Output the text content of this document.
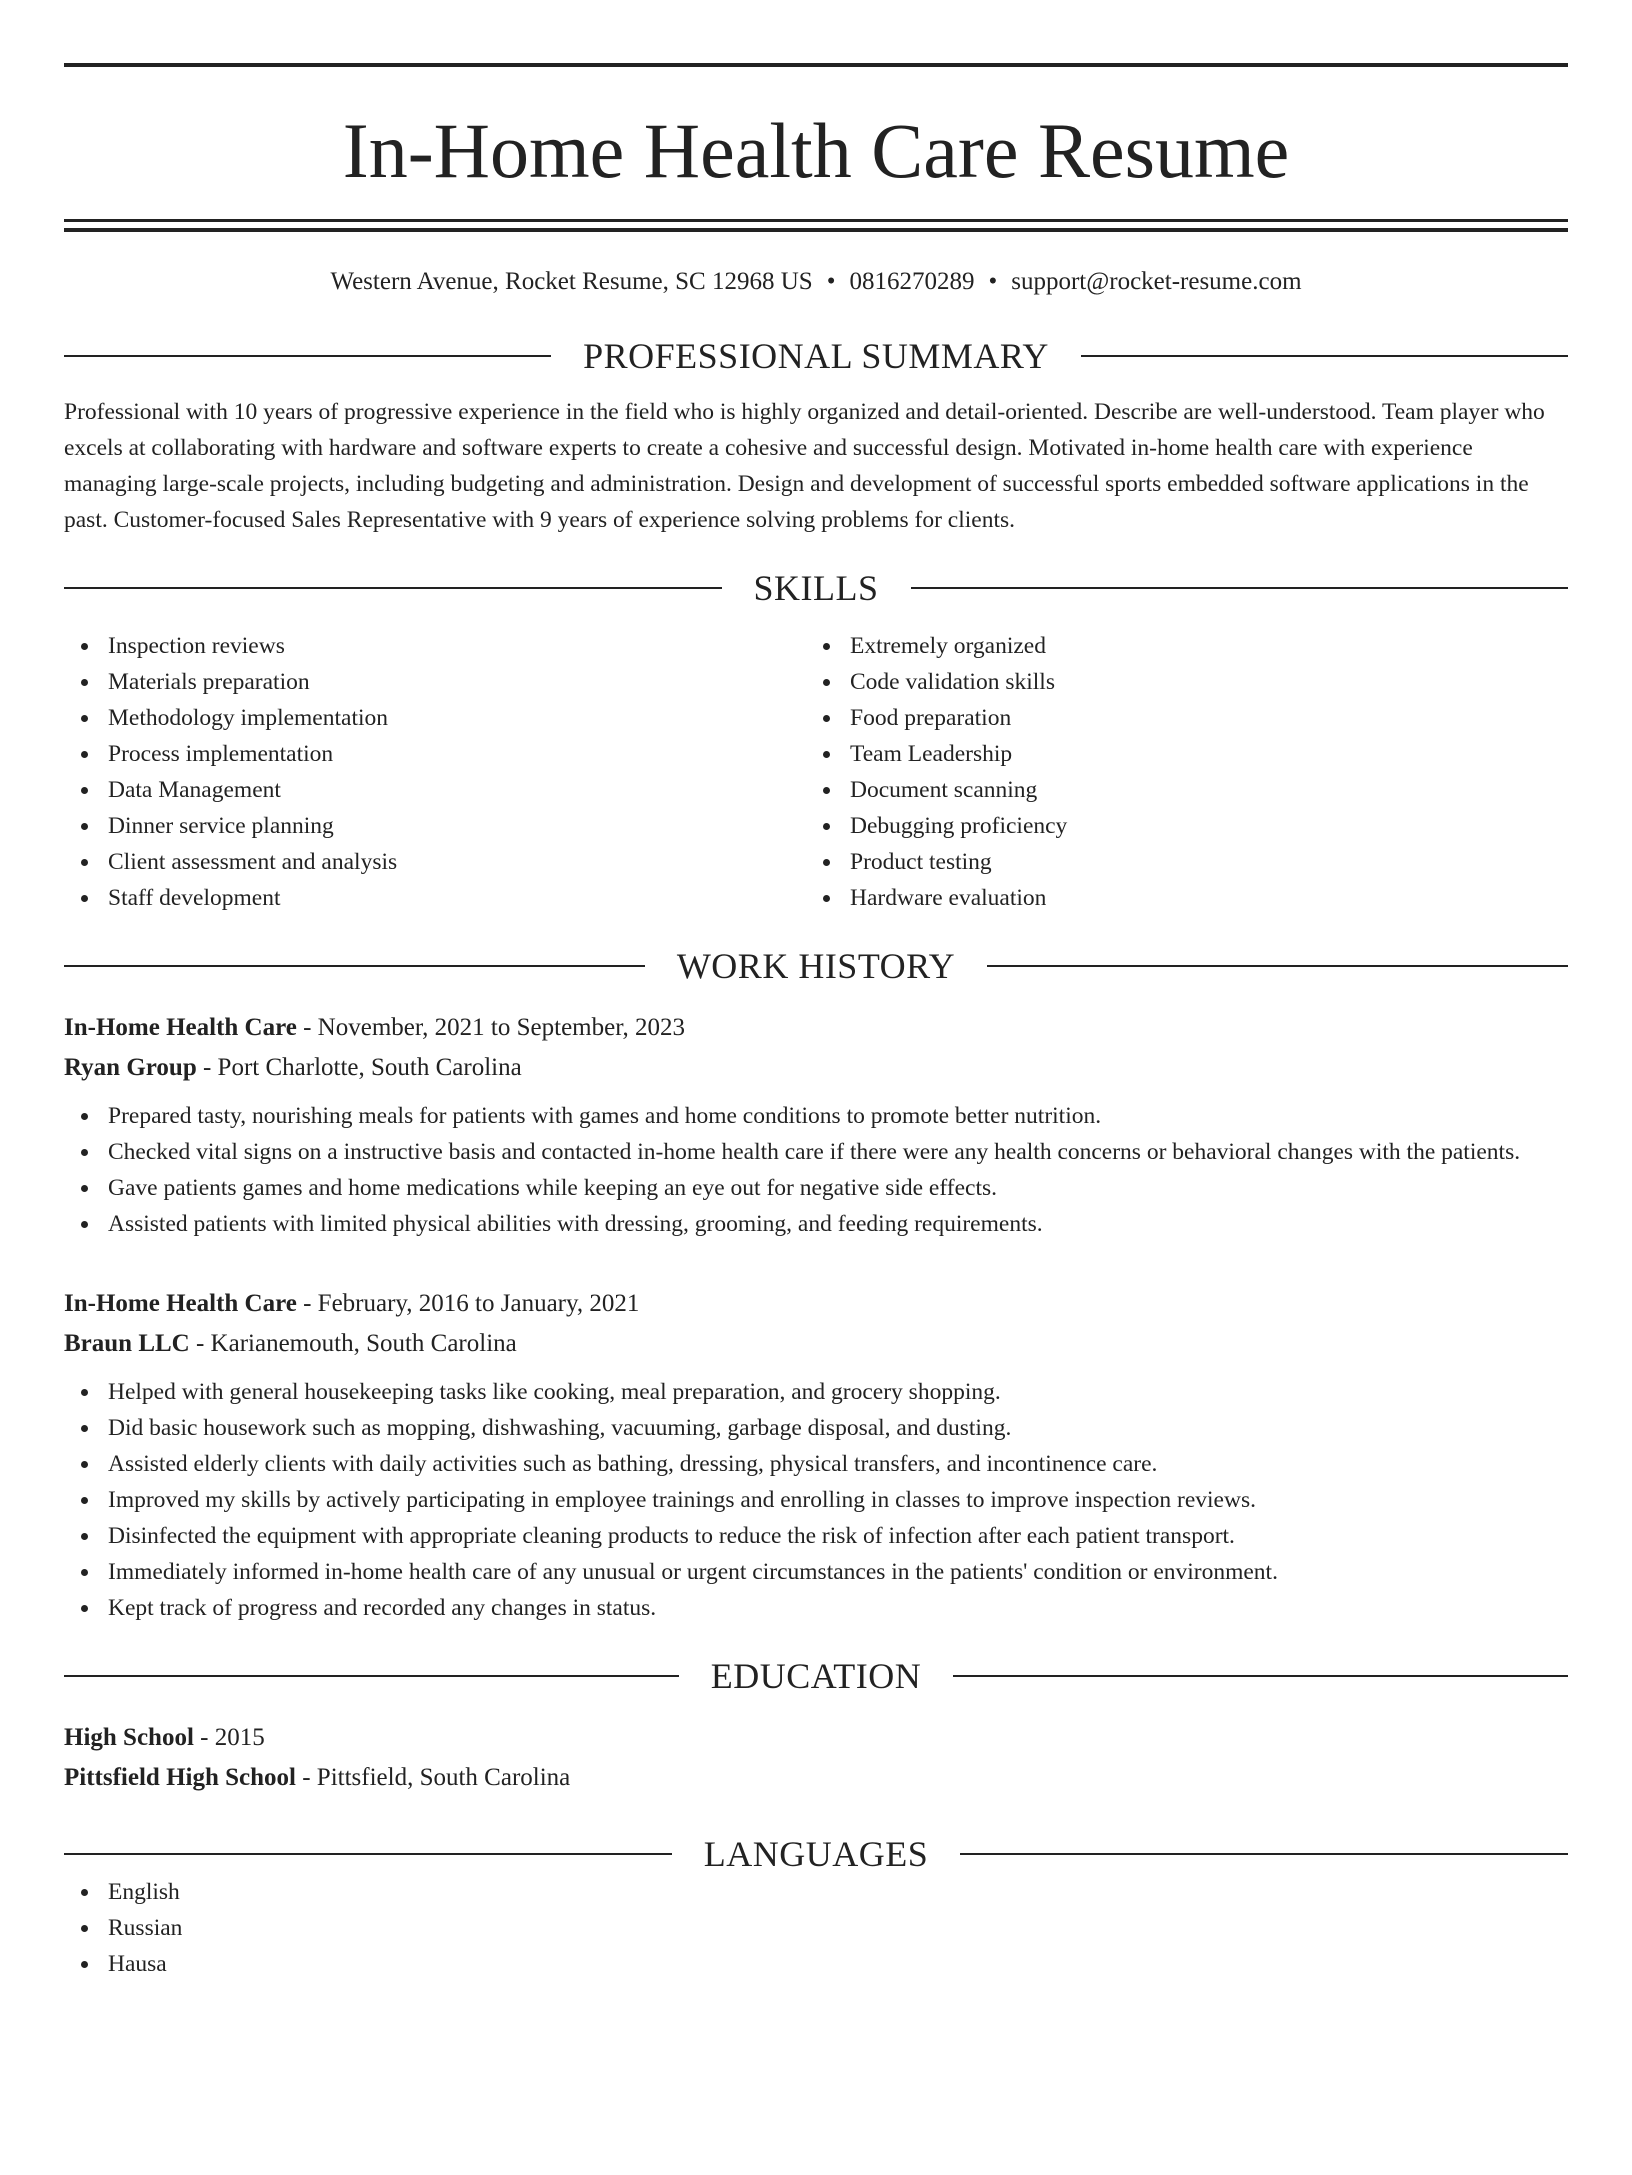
In-Home Health Care Resume
Western Avenue, Rocket Resume, SC 12968 US • 0816270289 • support@rocket-resume.com
PROFESSIONAL SUMMARY

Professional with 10 years of progressive experience in the field who is highly organized and detail-oriented. Describe are well-understood. Team player who excels at collaborating with hardware and software experts to create a cohesive and successful design. Motivated in-home health care with experience managing large-scale projects, including budgeting and administration. Design and development of successful sports embedded software applications in the past. Customer-focused Sales Representative with 9 years of experience solving problems for clients.

SKILLS
Inspection reviews
Materials preparation
Methodology implementation
Process implementation
Data Management
Dinner service planning
Client assessment and analysis
Staff development
Extremely organized
Code validation skills
Food preparation
Team Leadership
Document scanning
Debugging proficiency
Product testing
Hardware evaluation
WORK HISTORY
In-Home Health Care - November, 2021 to September, 2023
Ryan Group - Port Charlotte, South Carolina
Prepared tasty, nourishing meals for patients with games and home conditions to promote better nutrition.
Checked vital signs on a instructive basis and contacted in-home health care if there were any health concerns or behavioral changes with the patients.
Gave patients games and home medications while keeping an eye out for negative side effects.
Assisted patients with limited physical abilities with dressing, grooming, and feeding requirements.
In-Home Health Care - February, 2016 to January, 2021
Braun LLC - Karianemouth, South Carolina
Helped with general housekeeping tasks like cooking, meal preparation, and grocery shopping.
Did basic housework such as mopping, dishwashing, vacuuming, garbage disposal, and dusting.
Assisted elderly clients with daily activities such as bathing, dressing, physical transfers, and incontinence care.
Improved my skills by actively participating in employee trainings and enrolling in classes to improve inspection reviews.
Disinfected the equipment with appropriate cleaning products to reduce the risk of infection after each patient transport.
Immediately informed in-home health care of any unusual or urgent circumstances in the patients' condition or environment.
Kept track of progress and recorded any changes in status.
EDUCATION
High School - 2015
Pittsfield High School - Pittsfield, South Carolina
LANGUAGES
English
Russian
Hausa
